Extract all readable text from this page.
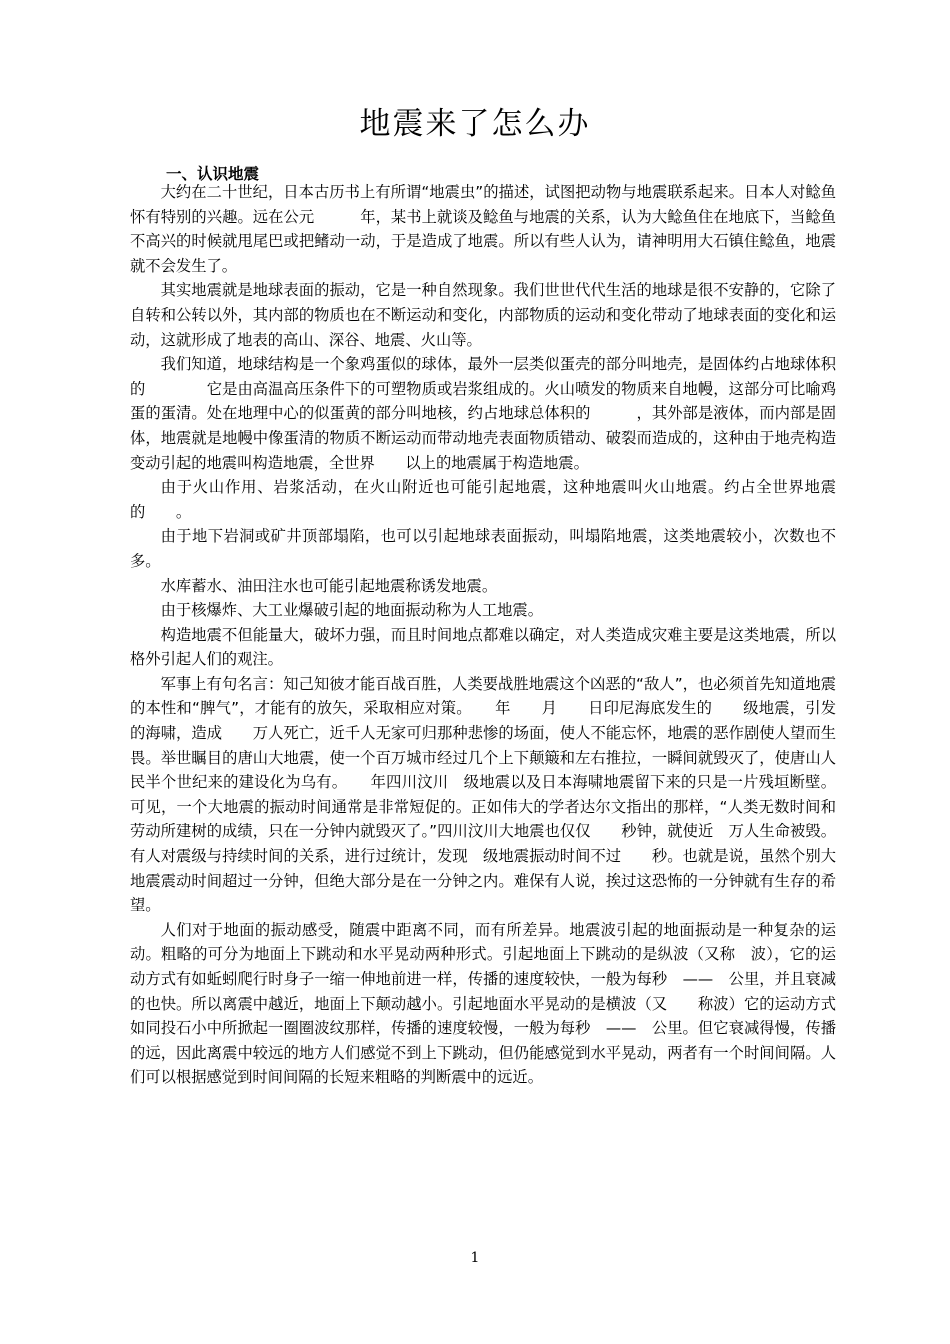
地震来了怎么办
一、认识地震

大约在二十世纪，日本古历书上有所谓“地震虫”的描述，试图把动物与地震联系起来。日本人对鲶鱼怀有特别的兴趣。远在公元　　　年，某书上就谈及鲶鱼与地震的关系，认为大鲶鱼住在地底下，当鲶鱼不高兴的时候就甩尾巴或把鳍动一动，于是造成了地震。所以有些人认为，请神明用大石镇住鲶鱼，地震就不会发生了。

其实地震就是地球表面的振动，它是一种自然现象。我们世世代代生活的地球是很不安静的，它除了自转和公转以外，其内部的物质也在不断运动和变化，内部物质的运动和变化带动了地球表面的变化和运动，这就形成了地表的高山、深谷、地震、火山等。

我们知道，地球结构是一个象鸡蛋似的球体，最外一层类似蛋壳的部分叫地壳，是固体约占地球体积的　　　　它是由高温高压条件下的可塑物质或岩浆组成的。火山喷发的物质来自地幔，这部分可比喻鸡蛋的蛋清。处在地理中心的似蛋黄的部分叫地核，约占地球总体积的　　　，其外部是液体，而内部是固体，地震就是地幔中像蛋清的物质不断运动而带动地壳表面物质错动、破裂而造成的，这种由于地壳构造变动引起的地震叫构造地震，全世界　　以上的地震属于构造地震。

由于火山作用、岩浆活动，在火山附近也可能引起地震，这种地震叫火山地震。约占全世界地震的　　。

由于地下岩洞或矿井顶部塌陷，也可以引起地球表面振动，叫塌陷地震，这类地震较小，次数也不多。

水库蓄水、油田注水也可能引起地震称诱发地震。

由于核爆炸、大工业爆破引起的地面振动称为人工地震。

构造地震不但能量大，破坏力强，而且时间地点都难以确定，对人类造成灾难主要是这类地震，所以格外引起人们的观注。

军事上有句名言：知己知彼才能百战百胜，人类要战胜地震这个凶恶的“敌人”，也必须首先知道地震的本性和“脾气”，才能有的放矢，采取相应对策。　　年　　月　　日印尼海底发生的　　级地震，引发的海啸，造成　　万人死亡，近千人无家可归那种悲惨的场面，使人不能忘怀，地震的恶作剧使人望而生畏。举世瞩目的唐山大地震，使一个百万城市经过几个上下颠簸和左右推拉，一瞬间就毁灭了，使唐山人民半个世纪来的建设化为乌有。　　年四川汶川　级地震以及日本海啸地震留下来的只是一片残垣断壁。可见，一个大地震的振动时间通常是非常短促的。正如伟大的学者达尔文指出的那样，“人类无数时间和劳动所建树的成绩，只在一分钟内就毁灭了。”四川汶川大地震也仅仅　　秒钟，就使近　万人生命被毁。有人对震级与持续时间的关系，进行过统计，发现　级地震振动时间不过　　秒。也就是说，虽然个别大地震震动时间超过一分钟，但绝大部分是在一分钟之内。难保有人说，挨过这恐怖的一分钟就有生存的希望。

人们对于地面的振动感受，随震中距离不同，而有所差异。地震波引起的地面振动是一种复杂的运动。粗略的可分为地面上下跳动和水平晃动两种形式。引起地面上下跳动的是纵波（又称　波），它的运动方式有如蚯蚓爬行时身子一缩一伸地前进一样，传播的速度较快，一般为每秒　——　公里，并且衰减的也快。所以离震中越近，地面上下颠动越小。引起地面水平晃动的是横波（又　　称波）它的运动方式如同投石小中所掀起一圈圈波纹那样，传播的速度较慢，一般为每秒　——　公里。但它衰减得慢，传播的远，因此离震中较远的地方人们感觉不到上下跳动，但仍能感觉到水平晃动，两者有一个时间间隔。人们可以根据感觉到时间间隔的长短来粗略的判断震中的远近。

1
